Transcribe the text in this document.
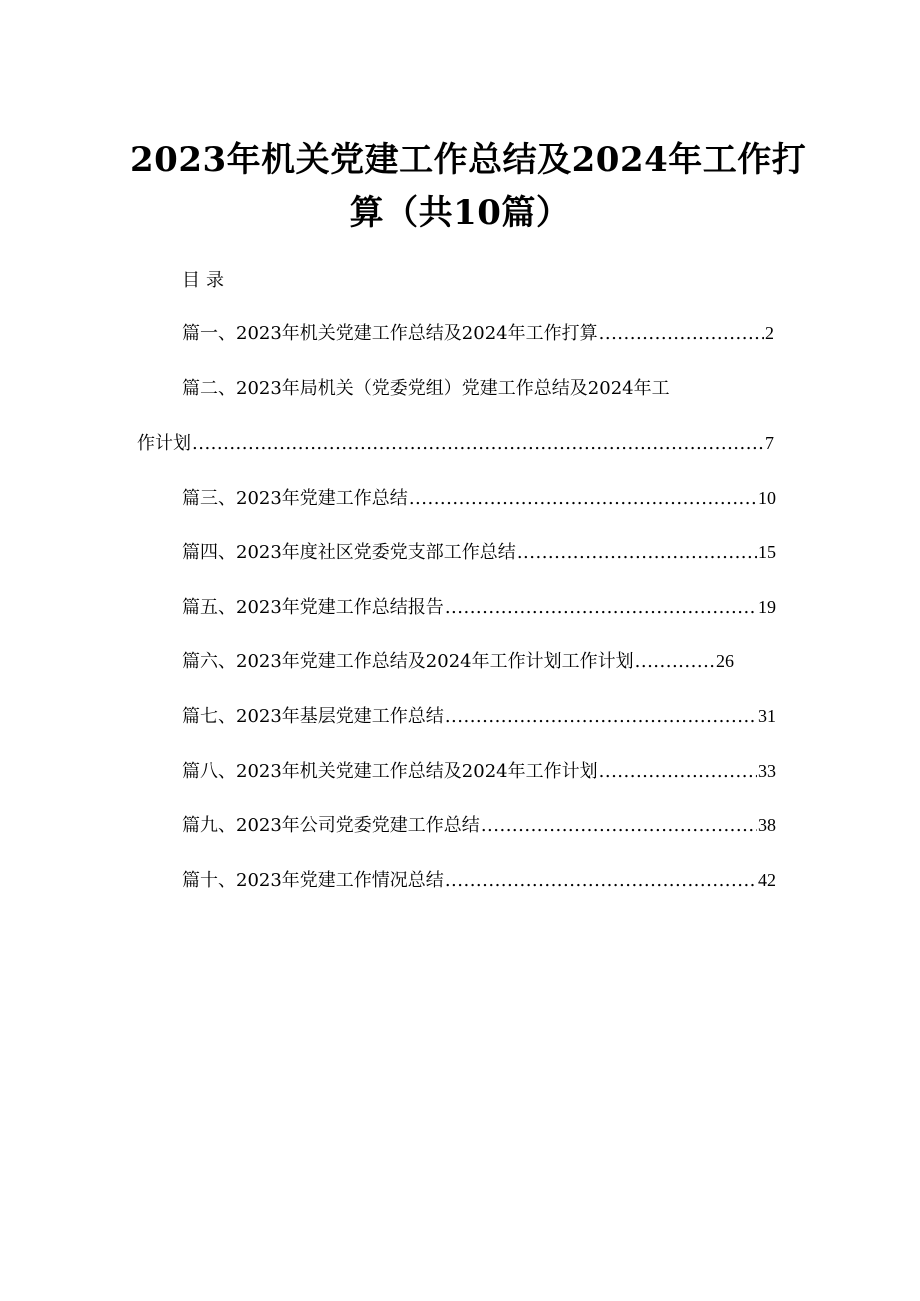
2023年机关党建工作总结及2024年工作打
算（共10篇）
目录
篇一、2023年机关党建工作总结及2024年工作打算 .....	2
篇二、2023年局机关（党委党组）党建工作总结及2024年工
作计划 .....	7
篇三、2023年党建工作总结 .....	10
篇四、2023年度社区党委党支部工作总结 .....	15
篇五、2023年党建工作总结报告 .....	19
篇六、2023年党建工作总结及2024年工作计划工作计划 .....	26
篇七、2023年基层党建工作总结 .....	31
篇八、2023年机关党建工作总结及2024年工作计划 .....	33
篇九、2023年公司党委党建工作总结 .....	38
篇十、2023年党建工作情况总结 .....	42
